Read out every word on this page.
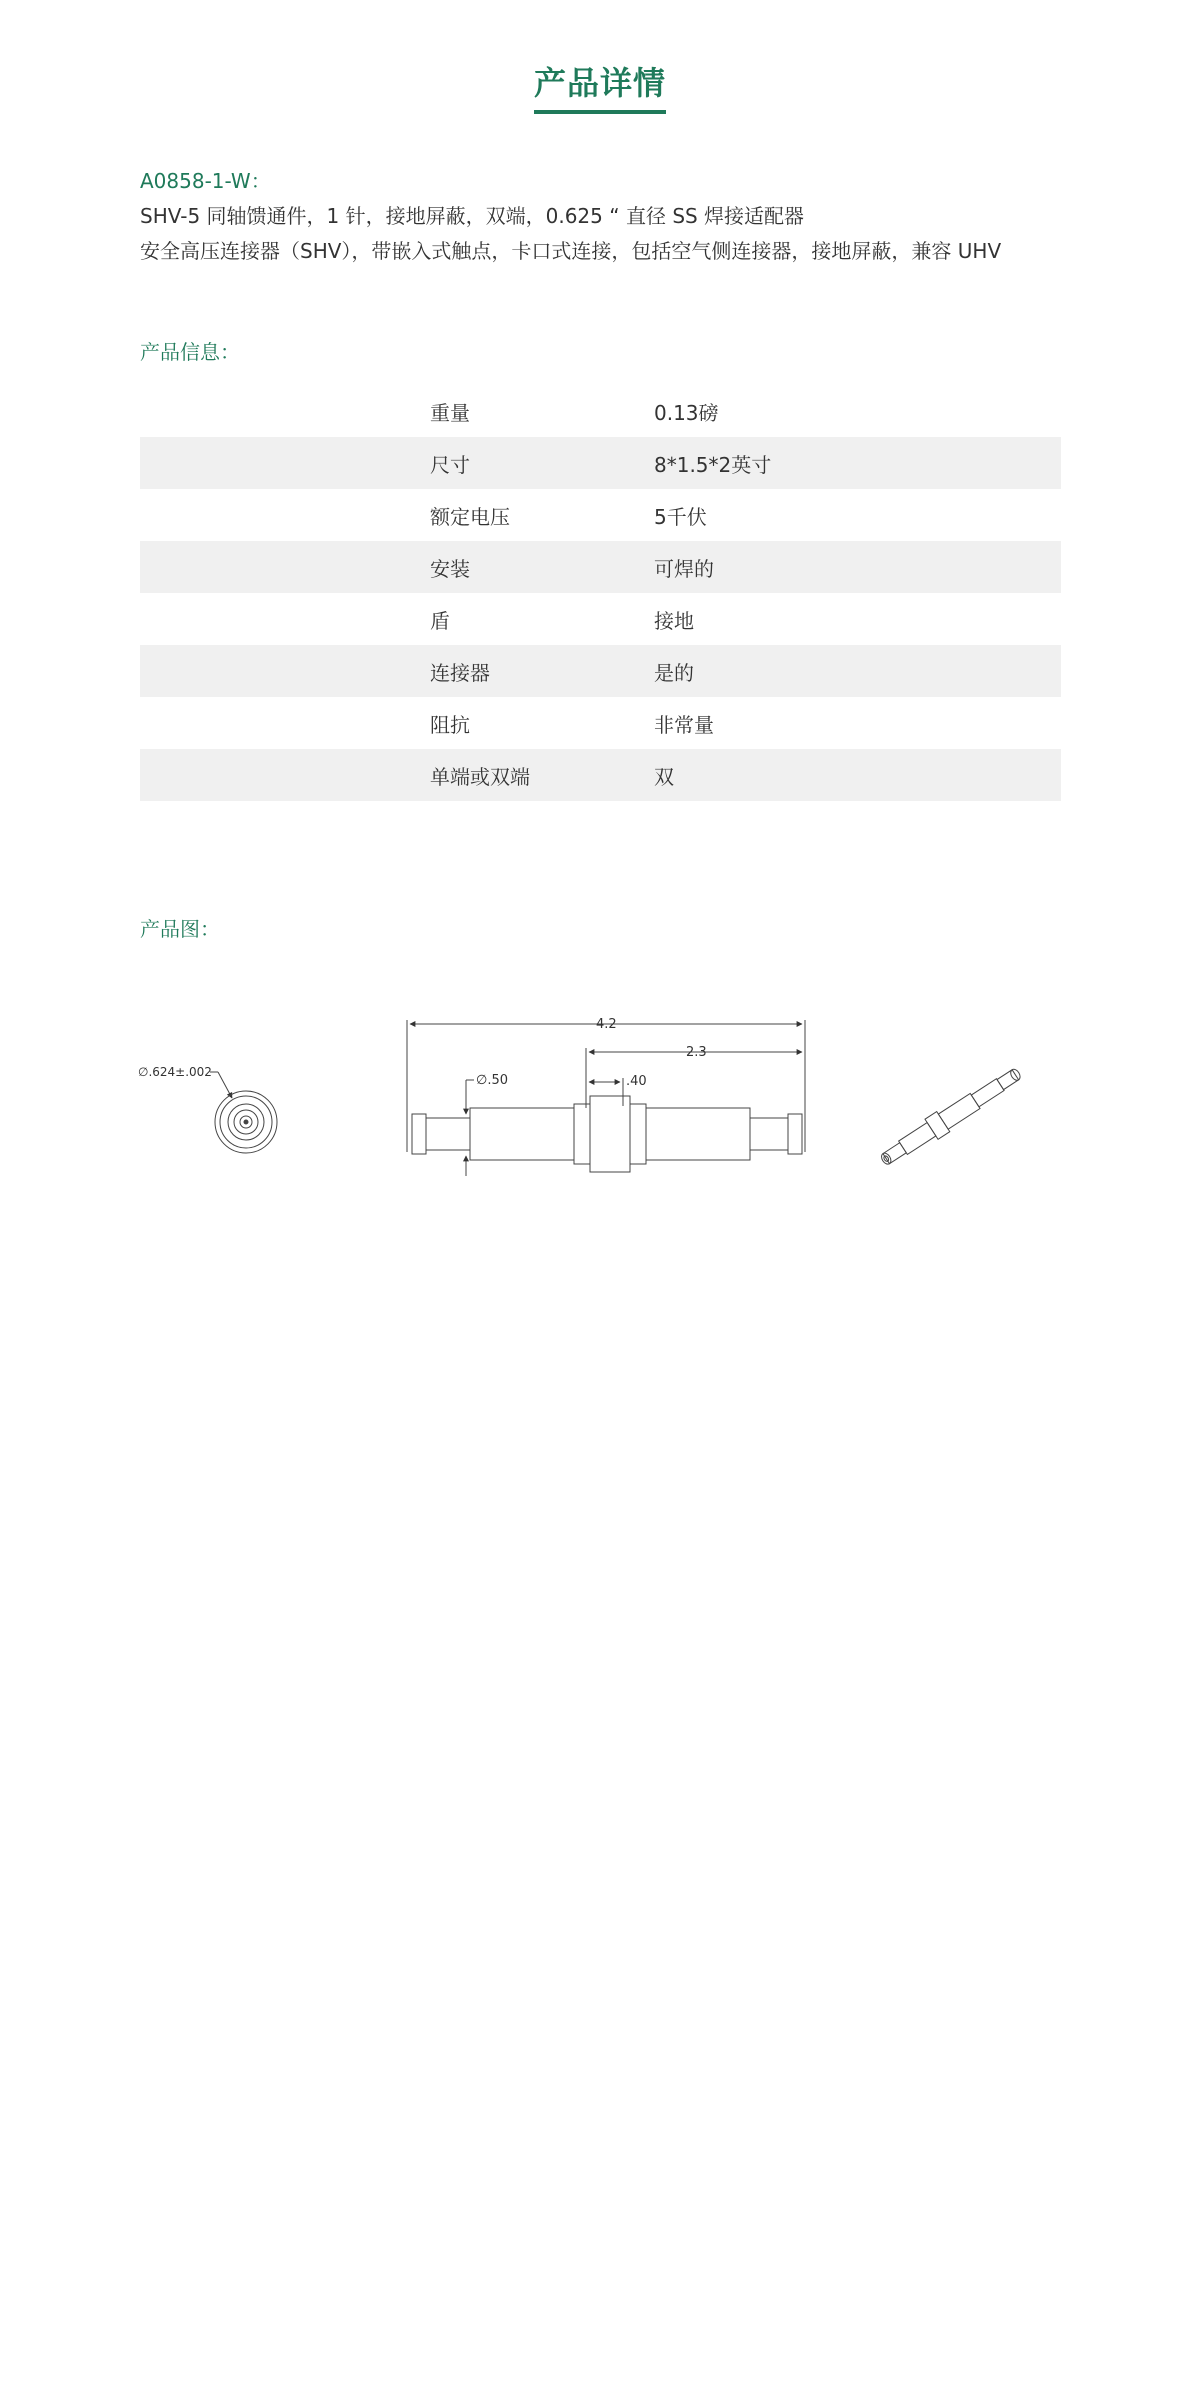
产品详情
A0858-1-W：
SHV-5 同轴馈通件，1 针，接地屏蔽，双端，0.625 “ 直径 SS 焊接适配器
安全高压连接器（SHV），带嵌入式触点，卡口式连接，包括空气侧连接器，接地屏蔽，兼容 UHV
产品信息：
重量	0.13磅
尺寸	8*1.5*2英寸
额定电压	5千伏
安装	可焊的
盾	接地
连接器	是的
阻抗	非常量
单端或双端	双
产品图：
∅.624±.002
4.2
2.3
.40
∅.50
